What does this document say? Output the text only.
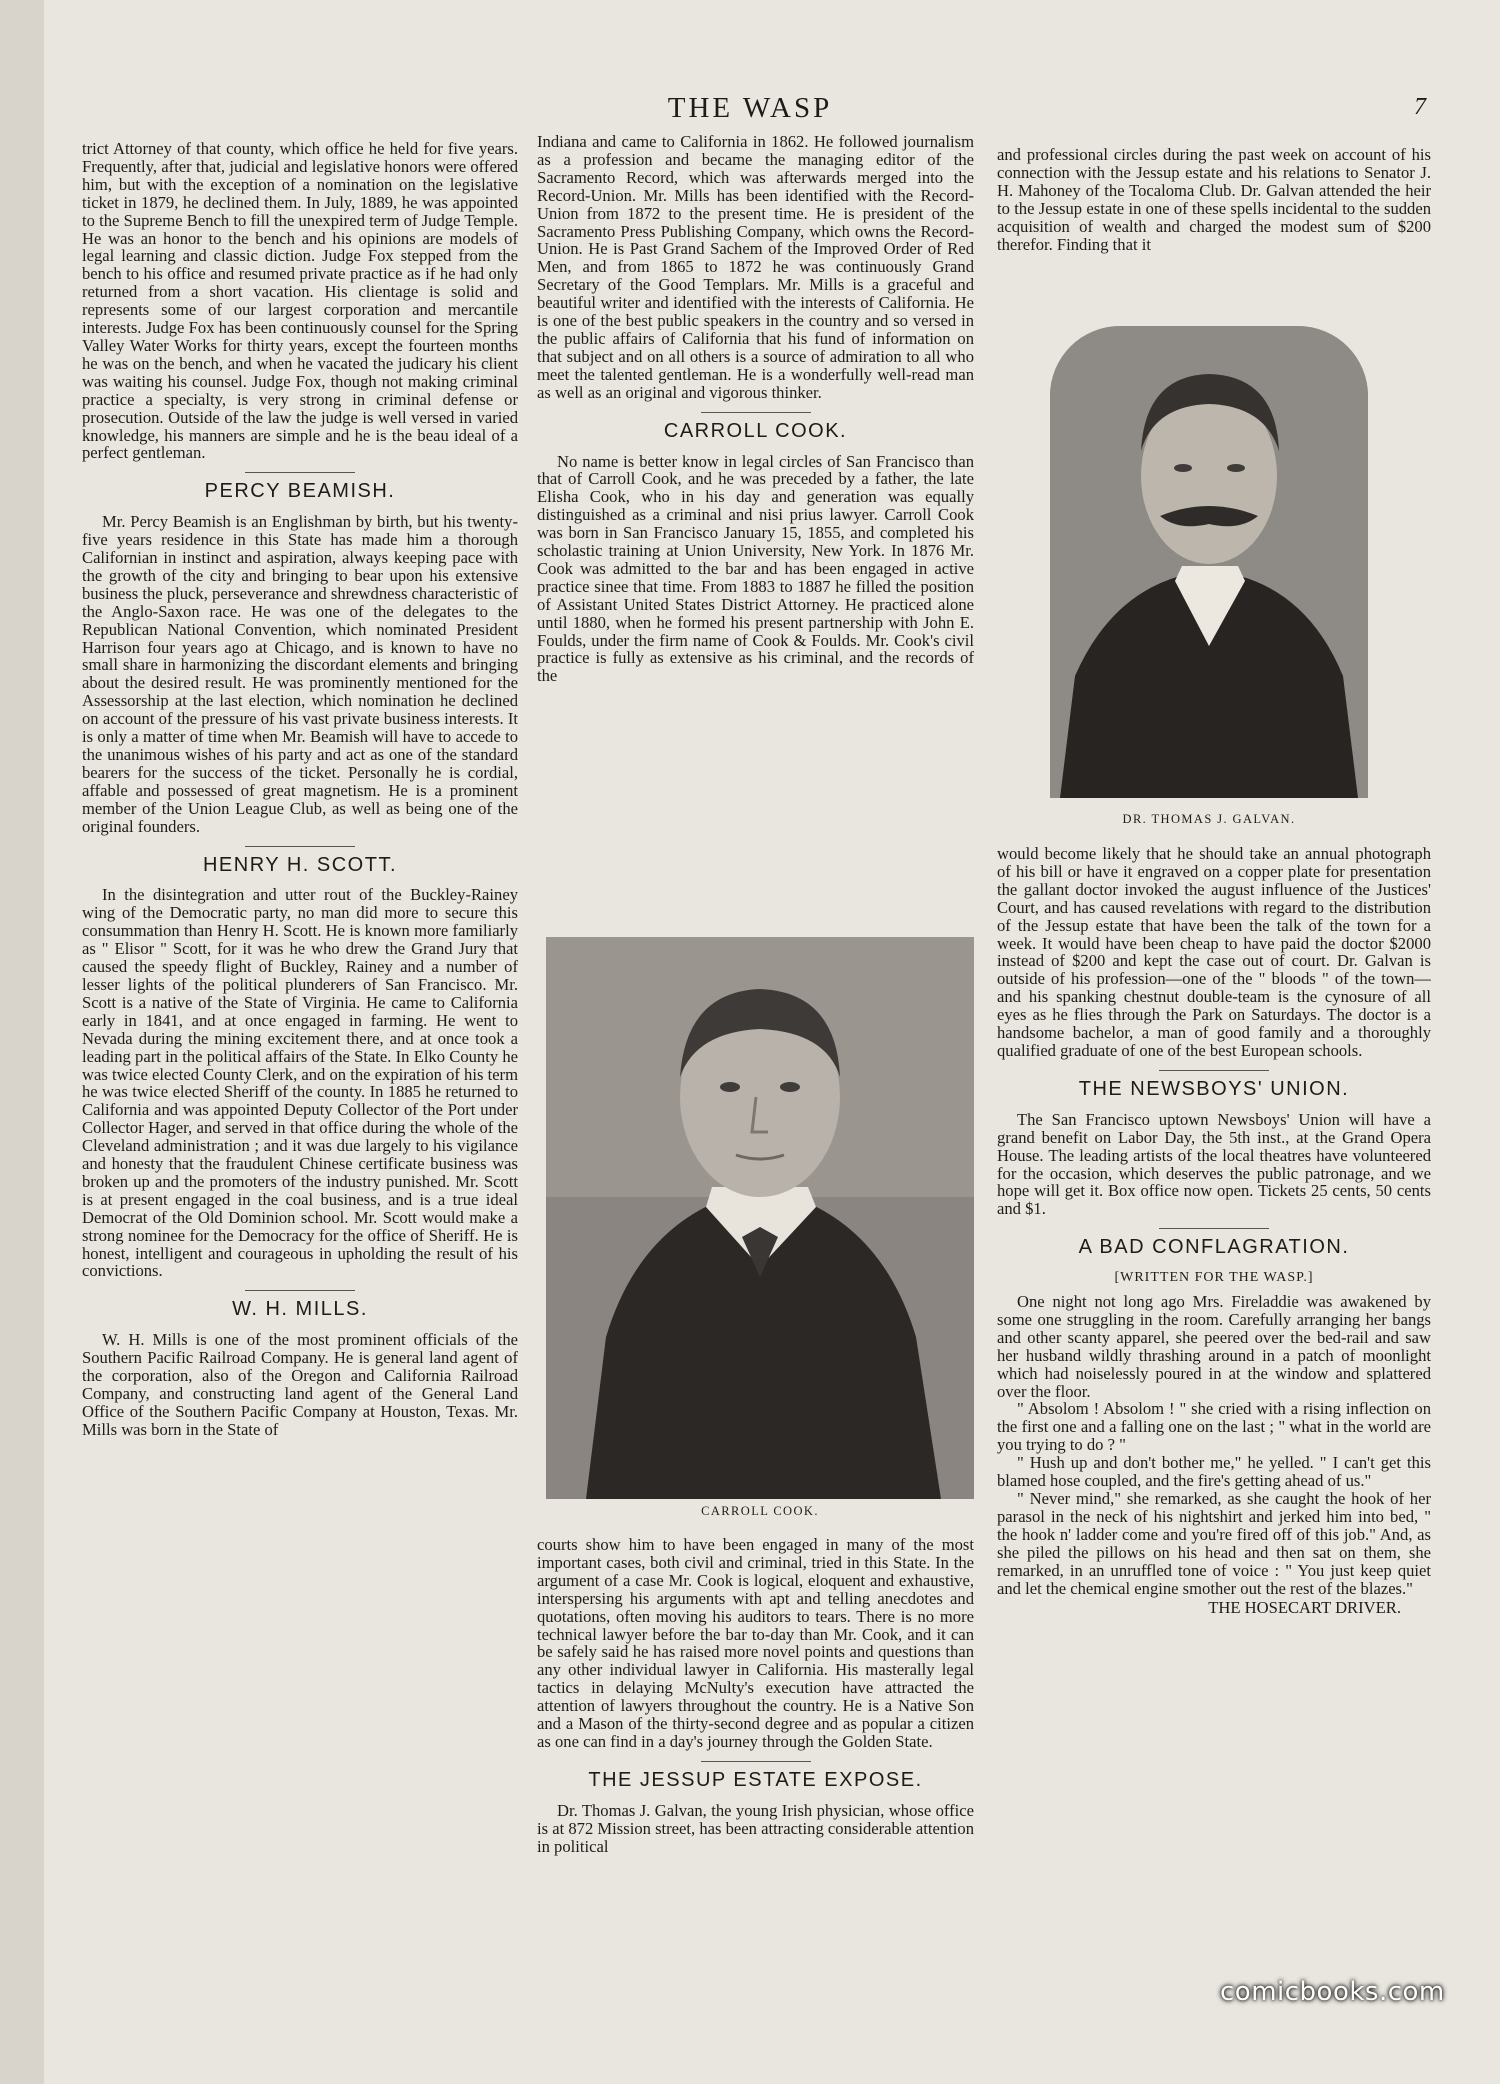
THE WASP	7

trict Attorney of that county, which office he held for five years. Frequently, after that, judicial and legislative honors were offered him, but with the exception of a nomination on the legislative ticket in 1879, he declined them. In July, 1889, he was appointed to the Supreme Bench to fill the unexpired term of Judge Temple. He was an honor to the bench and his opinions are models of legal learning and classic diction. Judge Fox stepped from the bench to his office and resumed private practice as if he had only returned from a short vacation. His clientage is solid and represents some of our largest corporation and mercantile interests. Judge Fox has been continuously counsel for the Spring Valley Water Works for thirty years, except the fourteen months he was on the bench, and when he vacated the judicary his client was waiting his counsel. Judge Fox, though not making criminal practice a specialty, is very strong in criminal defense or prosecution. Outside of the law the judge is well versed in varied knowledge, his manners are simple and he is the beau ideal of a perfect gentleman.

PERCY BEAMISH.

Mr. Percy Beamish is an Englishman by birth, but his twenty-five years residence in this State has made him a thorough Californian in instinct and aspiration, always keeping pace with the growth of the city and bringing to bear upon his extensive business the pluck, perseverance and shrewdness characteristic of the Anglo-Saxon race. He was one of the delegates to the Republican National Convention, which nominated President Harrison four years ago at Chicago, and is known to have no small share in harmonizing the discordant elements and bringing about the desired result. He was prominently mentioned for the Assessorship at the last election, which nomination he declined on account of the pressure of his vast private business interests. It is only a matter of time when Mr. Beamish will have to accede to the unanimous wishes of his party and act as one of the standard bearers for the success of the ticket. Personally he is cordial, affable and possessed of great magnetism. He is a prominent member of the Union League Club, as well as being one of the original founders.

HENRY H. SCOTT.

In the disintegration and utter rout of the Buckley-Rainey wing of the Democratic party, no man did more to secure this consummation than Henry H. Scott. He is known more familiarly as " Elisor " Scott, for it was he who drew the Grand Jury that caused the speedy flight of Buckley, Rainey and a number of lesser lights of the political plunderers of San Francisco. Mr. Scott is a native of the State of Virginia. He came to California early in 1841, and at once engaged in farming. He went to Nevada during the mining excitement there, and at once took a leading part in the political affairs of the State. In Elko County he was twice elected County Clerk, and on the expiration of his term he was twice elected Sheriff of the county. In 1885 he returned to California and was appointed Deputy Collector of the Port under Collector Hager, and served in that office during the whole of the Cleveland administration ; and it was due largely to his vigilance and honesty that the fraudulent Chinese certificate business was broken up and the promoters of the industry punished. Mr. Scott is at present engaged in the coal business, and is a true ideal Democrat of the Old Dominion school. Mr. Scott would make a strong nominee for the Democracy for the office of Sheriff. He is honest, intelligent and courageous in upholding the result of his convictions.

W. H. MILLS.

W. H. Mills is one of the most prominent officials of the Southern Pacific Railroad Company. He is general land agent of the corporation, also of the Oregon and California Railroad Company, and constructing land agent of the General Land Office of the Southern Pacific Company at Houston, Texas. Mr. Mills was born in the State of

Indiana and came to California in 1862. He followed journalism as a profession and became the managing editor of the Sacramento Record, which was afterwards merged into the Record-Union. Mr. Mills has been identified with the Record-Union from 1872 to the present time. He is president of the Sacramento Press Publishing Company, which owns the Record-Union. He is Past Grand Sachem of the Improved Order of Red Men, and from 1865 to 1872 he was continuously Grand Secretary of the Good Templars. Mr. Mills is a graceful and beautiful writer and identified with the interests of California. He is one of the best public speakers in the country and so versed in the public affairs of California that his fund of information on that subject and on all others is a source of admiration to all who meet the talented gentleman. He is a wonderfully well-read man as well as an original and vigorous thinker.

CARROLL COOK.

No name is better know in legal circles of San Francisco than that of Carroll Cook, and he was preceded by a father, the late Elisha Cook, who in his day and generation was equally distinguished as a criminal and nisi prius lawyer. Carroll Cook was born in San Francisco January 15, 1855, and completed his scholastic training at Union University, New York. In 1876 Mr. Cook was admitted to the bar and has been engaged in active practice sinee that time. From 1883 to 1887 he filled the position of Assistant United States District Attorney. He practiced alone until 1880, when he formed his present partnership with John E. Foulds, under the firm name of Cook & Foulds. Mr. Cook's civil practice is fully as extensive as his criminal, and the records of the

CARROLL COOK.

courts show him to have been engaged in many of the most important cases, both civil and criminal, tried in this State. In the argument of a case Mr. Cook is logical, eloquent and exhaustive, interspersing his arguments with apt and telling anecdotes and quotations, often moving his auditors to tears. There is no more technical lawyer before the bar to-day than Mr. Cook, and it can be safely said he has raised more novel points and questions than any other individual lawyer in California. His masterally legal tactics in delaying McNulty's execution have attracted the attention of lawyers throughout the country. He is a Native Son and a Mason of the thirty-second degree and as popular a citizen as one can find in a day's journey through the Golden State.

THE JESSUP ESTATE EXPOSE.

Dr. Thomas J. Galvan, the young Irish physician, whose office is at 872 Mission street, has been attracting considerable attention in political

and professional circles during the past week on account of his connection with the Jessup estate and his relations to Senator J. H. Mahoney of the Tocaloma Club. Dr. Galvan attended the heir to the Jessup estate in one of these spells incidental to the sudden acquisition of wealth and charged the modest sum of $200 therefor. Finding that it

DR. THOMAS J. GALVAN.

would become likely that he should take an annual photograph of his bill or have it engraved on a copper plate for presentation the gallant doctor invoked the august influence of the Justices' Court, and has caused revelations with regard to the distribution of the Jessup estate that have been the talk of the town for a week. It would have been cheap to have paid the doctor $2000 instead of $200 and kept the case out of court. Dr. Galvan is outside of his profession—one of the " bloods " of the town—and his spanking chestnut double-team is the cynosure of all eyes as he flies through the Park on Saturdays. The doctor is a handsome bachelor, a man of good family and a thoroughly qualified graduate of one of the best European schools.

THE NEWSBOYS' UNION.

The San Francisco uptown Newsboys' Union will have a grand benefit on Labor Day, the 5th inst., at the Grand Opera House. The leading artists of the local theatres have volunteered for the occasion, which deserves the public patronage, and we hope will get it. Box office now open. Tickets 25 cents, 50 cents and $1.

A BAD CONFLAGRATION.
[WRITTEN FOR THE WASP.]

One night not long ago Mrs. Fireladdie was awakened by some one struggling in the room. Carefully arranging her bangs and other scanty apparel, she peered over the bed-rail and saw her husband wildly thrashing around in a patch of moonlight which had noiselessly poured in at the window and splattered over the floor.

" Absolom ! Absolom ! " she cried with a rising inflection on the first one and a falling one on the last ; " what in the world are you trying to do ? "

" Hush up and don't bother me," he yelled. " I can't get this blamed hose coupled, and the fire's getting ahead of us."

" Never mind," she remarked, as she caught the hook of her parasol in the neck of his nightshirt and jerked him into bed, " the hook n' ladder come and you're fired off of this job." And, as she piled the pillows on his head and then sat on them, she remarked, in an unruffled tone of voice : " You just keep quiet and let the chemical engine smother out the rest of the blazes."

THE HOSECART DRIVER.
comicbooks.com
